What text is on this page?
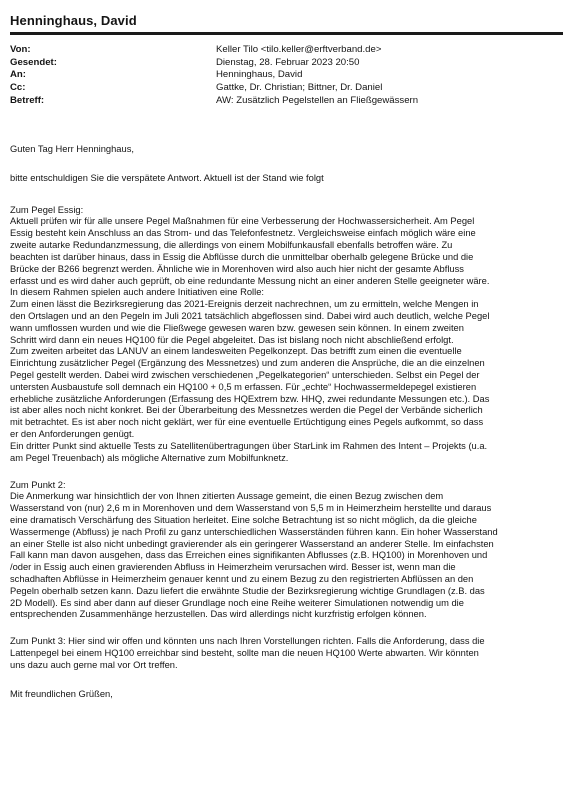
Henninghaus, David
Von:	Keller Tilo <tilo.keller@erftverband.de>
Gesendet:	Dienstag, 28. Februar 2023 20:50
An:	Henninghaus, David
Cc:	Gattke, Dr. Christian; Bittner, Dr. Daniel
Betreff:	AW: Zusätzlich Pegelstellen an Fließgewässern

Guten Tag Herr Henninghaus,

bitte entschuldigen Sie die verspätete Antwort. Aktuell ist der Stand wie folgt

Zum Pegel Essig:

Aktuell prüfen wir für alle unsere Pegel Maßnahmen für eine Verbesserung der Hochwassersicherheit. Am Pegel

Essig besteht kein Anschluss an das Strom- und das Telefonfestnetz. Vergleichsweise einfach möglich wäre eine

zweite autarke Redundanzmessung, die allerdings von einem Mobilfunkausfall ebenfalls betroffen wäre. Zu

beachten ist darüber hinaus, dass in Essig die Abflüsse durch die unmittelbar oberhalb gelegene Brücke und die

Brücke der B266 begrenzt werden. Ähnliche wie in Morenhoven wird also auch hier nicht der gesamte Abfluss

erfasst und es wird daher auch geprüft, ob eine redundante Messung nicht an einer anderen Stelle geeigneter wäre.

In diesem Rahmen spielen auch andere Initiativen eine Rolle:

Zum einen lässt die Bezirksregierung das 2021-Ereignis derzeit nachrechnen, um zu ermitteln, welche Mengen in

den Ortslagen und an den Pegeln im Juli 2021 tatsächlich abgeflossen sind. Dabei wird auch deutlich, welche Pegel

wann umflossen wurden und wie die Fließwege gewesen waren bzw. gewesen sein können. In einem zweiten

Schritt wird dann ein neues HQ100 für die Pegel abgeleitet. Das ist bislang noch nicht abschließend erfolgt.

Zum zweiten arbeitet das LANUV an einem landesweiten Pegelkonzept. Das betrifft zum einen die eventuelle

Einrichtung zusätzlicher Pegel (Ergänzung des Messnetzes) und zum anderen die Ansprüche, die an die einzelnen

Pegel gestellt werden. Dabei wird zwischen verschiedenen „Pegelkategorien“ unterschieden. Selbst ein Pegel der

untersten Ausbaustufe soll demnach ein HQ100 + 0,5 m erfassen. Für „echte“ Hochwassermeldepegel existieren

erhebliche zusätzliche Anforderungen (Erfassung des HQExtrem bzw. HHQ, zwei redundante Messungen etc.). Das

ist aber alles noch nicht konkret. Bei der Überarbeitung des Messnetzes werden die Pegel der Verbände sicherlich

mit betrachtet. Es ist aber noch nicht geklärt, wer für eine eventuelle Ertüchtigung eines Pegels aufkommt, so dass

er den Anforderungen genügt.

Ein dritter Punkt sind aktuelle Tests zu Satellitenübertragungen über StarLink im Rahmen des Intent – Projekts (u.a.

am Pegel Treuenbach) als mögliche Alternative zum Mobilfunknetz.

Zum Punkt 2:

Die Anmerkung war hinsichtlich der von Ihnen zitierten Aussage gemeint, die einen Bezug zwischen dem

Wasserstand von (nur) 2,6 m in Morenhoven und dem Wasserstand von 5,5 m in Heimerzheim herstellte und daraus

eine dramatisch Verschärfung des Situation herleitet. Eine solche Betrachtung ist so nicht möglich, da die gleiche

Wassermenge (Abfluss) je nach Profil zu ganz unterschiedlichen Wasserständen führen kann. Ein hoher Wasserstand

an einer Stelle ist also nicht unbedingt gravierender als ein geringerer Wasserstand an anderer Stelle. Im einfachsten

Fall kann man davon ausgehen, dass das Erreichen eines signifikanten Abflusses (z.B. HQ100) in Morenhoven und

/oder in Essig auch einen gravierenden Abfluss in Heimerzheim verursachen wird. Besser ist, wenn man die

schadhaften Abflüsse in Heimerzheim genauer kennt und zu einem Bezug zu den registrierten Abflüssen an den

Pegeln oberhalb setzen kann. Dazu liefert die erwähnte Studie der Bezirksregierung wichtige Grundlagen (z.B. das

2D Modell). Es sind aber dann auf dieser Grundlage noch eine Reihe weiterer Simulationen notwendig um die

entsprechenden Zusammenhänge herzustellen. Das wird allerdings nicht kurzfristig erfolgen können.

Zum Punkt 3: Hier sind wir offen und könnten uns nach Ihren Vorstellungen richten. Falls die Anforderung, dass die

Lattenpegel bei einem HQ100 erreichbar sind besteht, sollte man die neuen HQ100 Werte abwarten. Wir könnten

uns dazu auch gerne mal vor Ort treffen.

Mit freundlichen Grüßen,
